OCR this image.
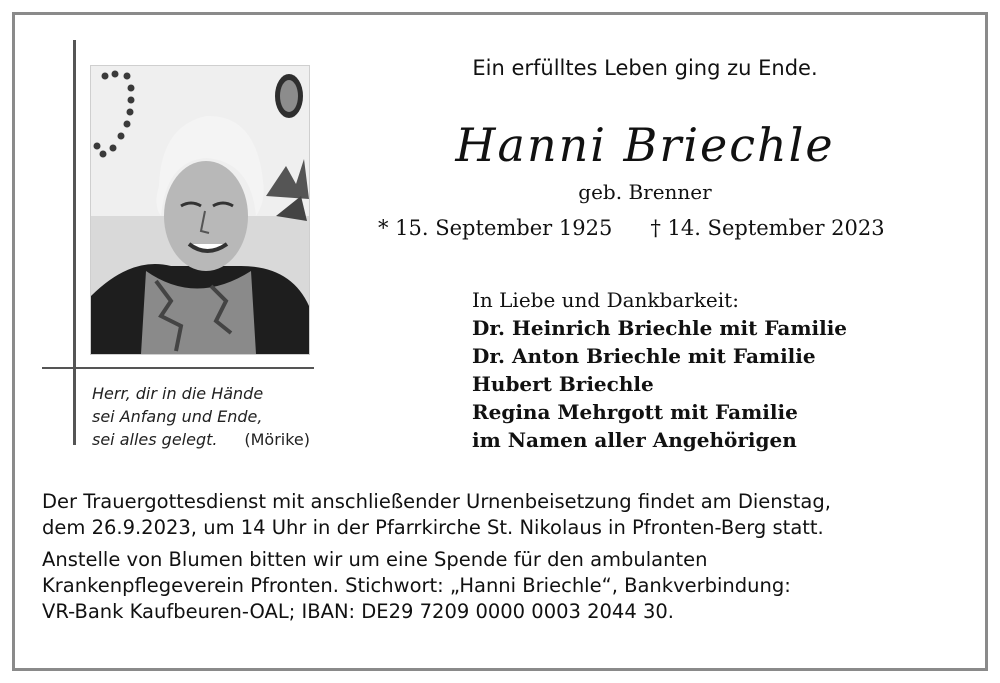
Herr, dir in die Hände
sei Anfang und Ende,
sei alles gelegt.	(Mörike)
Ein erfülltes Leben ging zu Ende.
Hanni Briechle
geb. Brenner
* 15. September 1925 † 14. September 2023
In Liebe und Dankbarkeit:
Dr. Heinrich Briechle mit Familie
Dr. Anton Briechle mit Familie
Hubert Briechle
Regina Mehrgott mit Familie
im Namen aller Angehörigen
Der Trauergottesdienst mit anschließender Urnenbeisetzung findet am Dienstag,
dem 26.9.2023, um 14 Uhr in der Pfarrkirche St. Nikolaus in Pfronten-Berg statt.
Anstelle von Blumen bitten wir um eine Spende für den ambulanten
Krankenpflegeverein Pfronten. Stichwort: „Hanni Briechle“, Bankverbindung:
VR-Bank Kaufbeuren-OAL; IBAN: DE29 7209 0000 0003 2044 30.
